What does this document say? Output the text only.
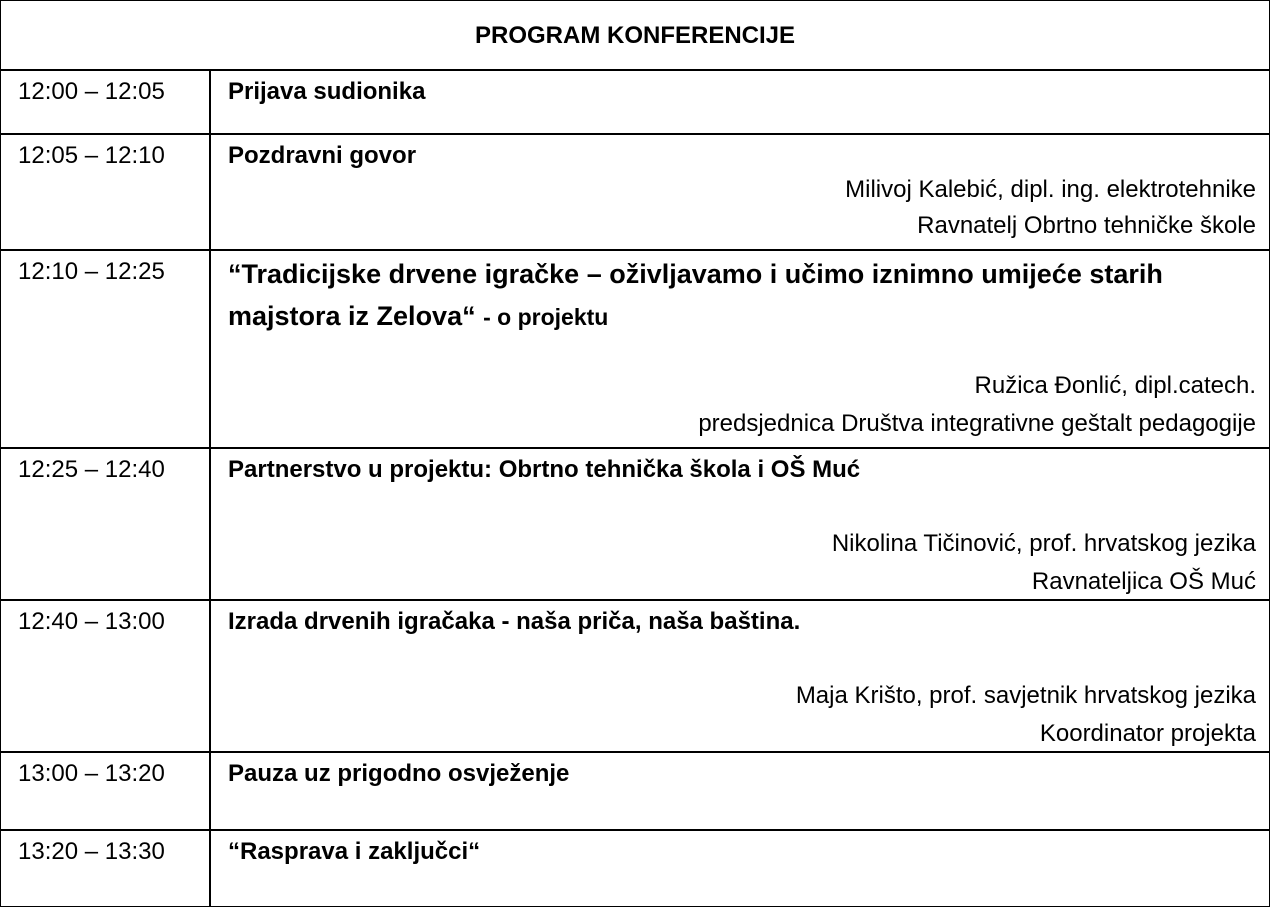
PROGRAM KONFERENCIJE
12:00 – 12:05	Prijava sudionika
12:05 – 12:10	Pozdravni govor
Milivoj Kalebić, dipl. ing. elektrotehnike
Ravnatelj Obrtno tehničke škole
12:10 – 12:25	“Tradicijske drvene igračke – oživljavamo i učimo iznimno umijeće starih majstora iz Zelova“ - o projektu
Ružica Đonlić, dipl.catech.
predsjednica Društva integrativne geštalt pedagogije
12:25 – 12:40	Partnerstvo u projektu: Obrtno tehnička škola i OŠ Muć
Nikolina Tičinović, prof. hrvatskog jezika
Ravnateljica OŠ Muć
12:40 – 13:00	Izrada drvenih igračaka - naša priča, naša baština.
Maja Krišto, prof. savjetnik hrvatskog jezika
Koordinator projekta
13:00 – 13:20	Pauza uz prigodno osvježenje
13:20 – 13:30	“Rasprava i zaključci“
